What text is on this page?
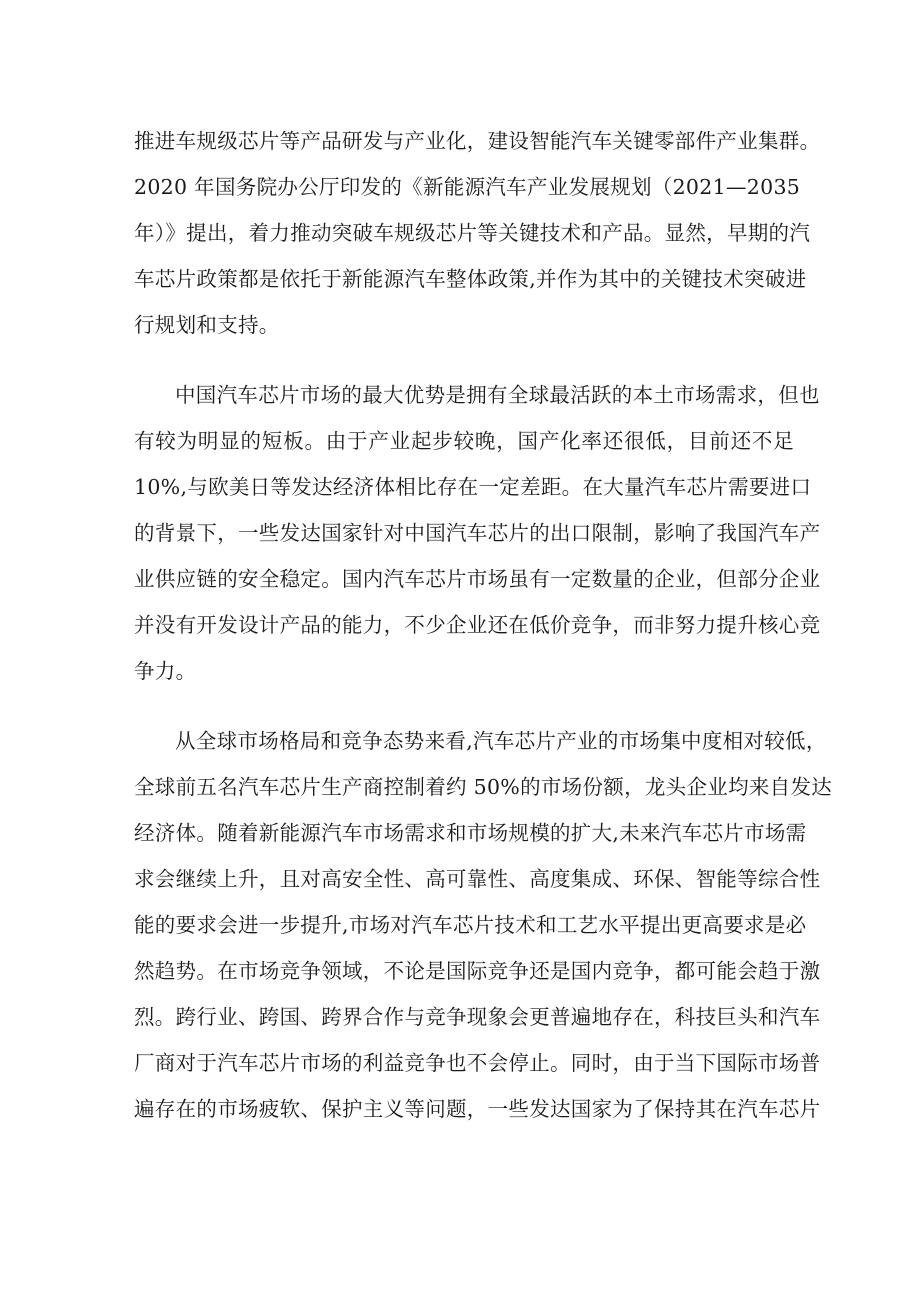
推进车规级芯片等产品研发与产业化，建设智能汽车关键零部件产业集群。
2020 年国务院办公厅印发的《新能源汽车产业发展规划（2021—2035
年）》提出，着力推动突破车规级芯片等关键技术和产品。显然，早期的汽
车芯片政策都是依托于新能源汽车整体政策,并作为其中的关键技术突破进
行规划和支持。
中国汽车芯片市场的最大优势是拥有全球最活跃的本土市场需求，但也
有较为明显的短板。由于产业起步较晚，国产化率还很低，目前还不足
10%,与欧美日等发达经济体相比存在一定差距。在大量汽车芯片需要进口
的背景下，一些发达国家针对中国汽车芯片的出口限制，影响了我国汽车产
业供应链的安全稳定。国内汽车芯片市场虽有一定数量的企业，但部分企业
并没有开发设计产品的能力，不少企业还在低价竞争，而非努力提升核心竞
争力。
从全球市场格局和竞争态势来看,汽车芯片产业的市场集中度相对较低，
全球前五名汽车芯片生产商控制着约 50%的市场份额，龙头企业均来自发达
经济体。随着新能源汽车市场需求和市场规模的扩大,未来汽车芯片市场需
求会继续上升，且对高安全性、高可靠性、高度集成、环保、智能等综合性
能的要求会进一步提升,市场对汽车芯片技术和工艺水平提出更高要求是必
然趋势。在市场竞争领域，不论是国际竞争还是国内竞争，都可能会趋于激
烈。跨行业、跨国、跨界合作与竞争现象会更普遍地存在，科技巨头和汽车
厂商对于汽车芯片市场的利益竞争也不会停止。同时，由于当下国际市场普
遍存在的市场疲软、保护主义等问题，一些发达国家为了保持其在汽车芯片
